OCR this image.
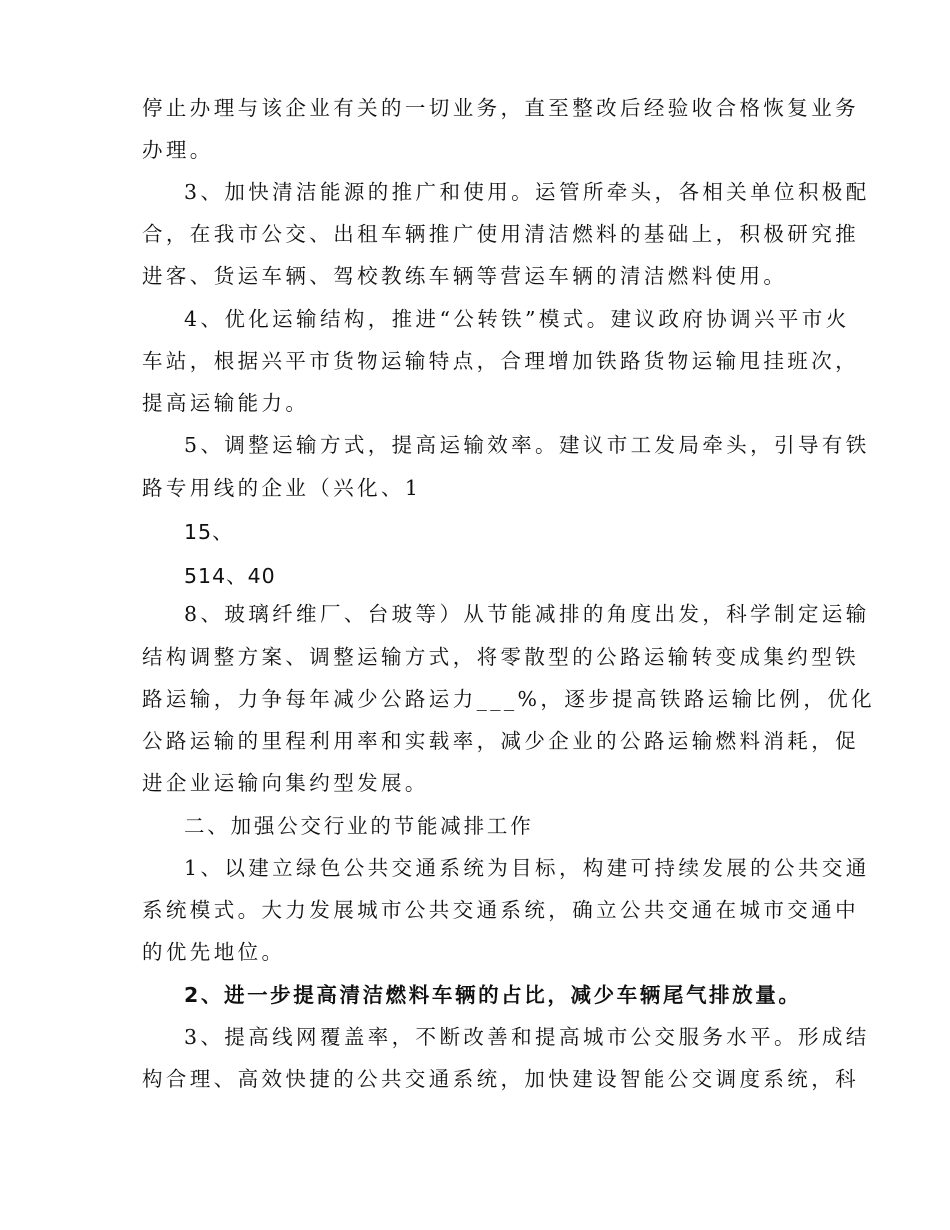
停止办理与该企业有关的一切业务，直至整改后经验收合格恢复业务
办理。
3、加快清洁能源的推广和使用。运管所牵头，各相关单位积极配
合，在我市公交、出租车辆推广使用清洁燃料的基础上，积极研究推
进客、货运车辆、驾校教练车辆等营运车辆的清洁燃料使用。
4、优化运输结构，推进“公转铁”模式。建议政府协调兴平市火
车站，根据兴平市货物运输特点，合理增加铁路货物运输甩挂班次，
提高运输能力。
5、调整运输方式，提高运输效率。建议市工发局牵头，引导有铁
路专用线的企业（兴化、1
15、
514、40
8、玻璃纤维厂、台玻等）从节能减排的角度出发，科学制定运输
结构调整方案、调整运输方式，将零散型的公路运输转变成集约型铁
路运输，力争每年减少公路运力___%，逐步提高铁路运输比例，优化
公路运输的里程利用率和实载率，减少企业的公路运输燃料消耗，促
进企业运输向集约型发展。
二、加强公交行业的节能减排工作
1、以建立绿色公共交通系统为目标，构建可持续发展的公共交通
系统模式。大力发展城市公共交通系统，确立公共交通在城市交通中
的优先地位。
2、进一步提高清洁燃料车辆的占比，减少车辆尾气排放量。
3、提高线网覆盖率，不断改善和提高城市公交服务水平。形成结
构合理、高效快捷的公共交通系统，加快建设智能公交调度系统，科
